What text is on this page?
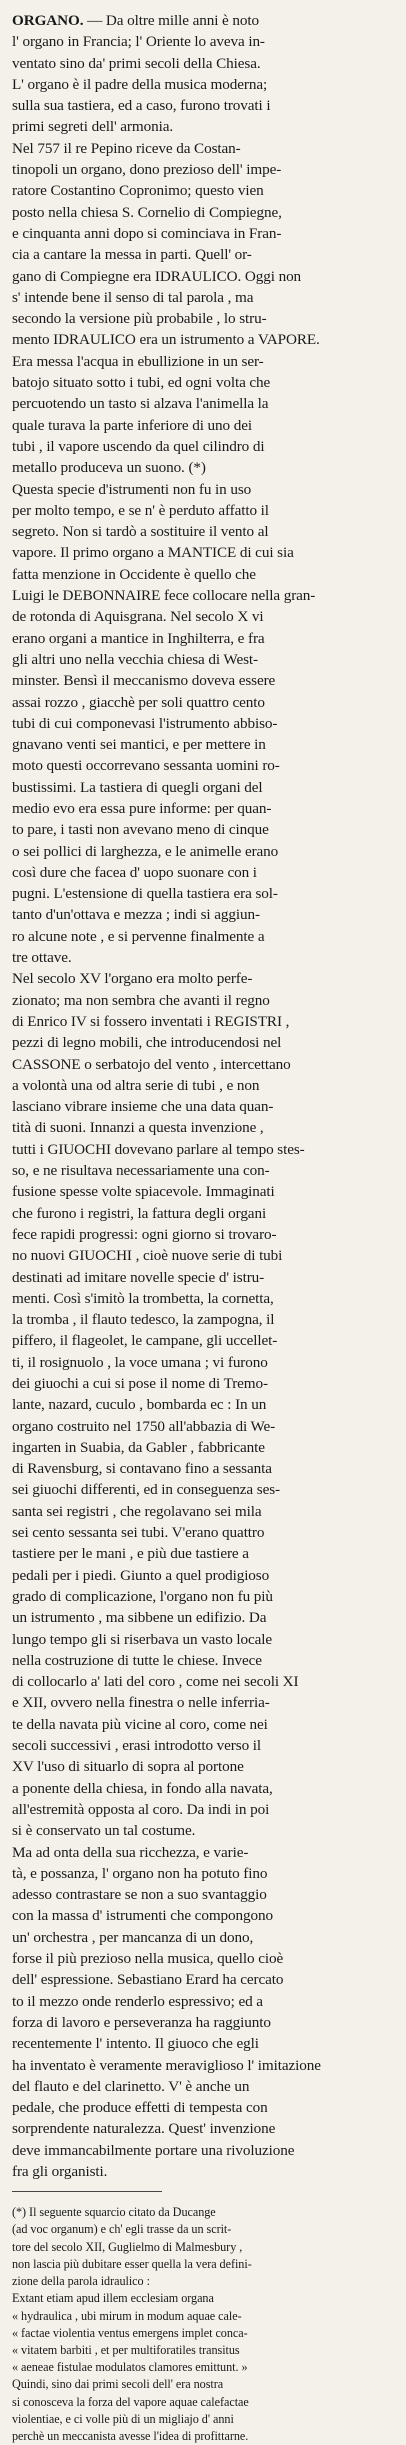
ORGANO. — Da oltre mille anni è noto
l' organo in Francia; l' Oriente lo aveva in-
ventato sino da' primi secoli della Chiesa.
L' organo è il padre della musica moderna;
sulla sua tastiera, ed a caso, furono trovati i
primi segreti dell' armonia.
Nel 757 il re Pepino riceve da Costan-
tinopoli un organo, dono prezioso dell' impe-
ratore Costantino Copronimo; questo vien
posto nella chiesa S. Cornelio di Compiegne,
e cinquanta anni dopo si cominciava in Fran-
cia a cantare la messa in parti. Quell' or-
gano di Compiegne era IDRAULICO. Oggi non
s' intende bene il senso di tal parola , ma
secondo la versione più probabile , lo stru-
mento IDRAULICO era un istrumento a VAPORE.
Era messa l'acqua in ebullizione in un ser-
batojo situato sotto i tubi, ed ogni volta che
percuotendo un tasto si alzava l'animella la
quale turava la parte inferiore di uno dei
tubi , il vapore uscendo da quel cilindro di
metallo produceva un suono. (*)
Questa specie d'istrumenti non fu in uso
per molto tempo, e se n' è perduto affatto il
segreto. Non si tardò a sostituire il vento al
vapore. Il primo organo a MANTICE di cui sia
fatta menzione in Occidente è quello che
Luigi le DEBONNAIRE fece collocare nella gran-
de rotonda di Aquisgrana. Nel secolo X vi
erano organi a mantice in Inghilterra, e fra
gli altri uno nella vecchia chiesa di West-
minster. Bensì il meccanismo doveva essere
assai rozzo , giacchè per soli quattro cento
tubi di cui componevasi l'istrumento abbiso-
gnavano venti sei mantici, e per mettere in
moto questi occorrevano sessanta uomini ro-
bustissimi. La tastiera di quegli organi del
medio evo era essa pure informe: per quan-
to pare, i tasti non avevano meno di cinque
o sei pollici di larghezza, e le animelle erano
così dure che facea d' uopo suonare con i
pugni. L'estensione di quella tastiera era sol-
tanto d'un'ottava e mezza ; indi si aggiun-
ro alcune note , e si pervenne finalmente a
tre ottave.
Nel secolo XV l'organo era molto perfe-
zionato; ma non sembra che avanti il regno
di Enrico IV si fossero inventati i REGISTRI ,
pezzi di legno mobili, che introducendosi nel
CASSONE o serbatojo del vento , intercettano
a volontà una od altra serie di tubi , e non
lasciano vibrare insieme che una data quan-
tità di suoni. Innanzi a questa invenzione ,
tutti i GIUOCHI dovevano parlare al tempo stes-
so, e ne risultava necessariamente una con-
fusione spesse volte spiacevole. Immaginati
che furono i registri, la fattura degli organi
fece rapidi progressi: ogni giorno si trovaro-
no nuovi GIUOCHI , cioè nuove serie di tubi
destinati ad imitare novelle specie d' istru-
menti. Così s'imitò la trombetta, la cornetta,
la tromba , il flauto tedesco, la zampogna, il
piffero, il flageolet, le campane, gli uccellet-
ti, il rosignuolo , la voce umana ; vi furono
dei giuochi a cui si pose il nome di Tremo-
lante, nazard, cuculo , bombarda ec : In un
organo costruito nel 1750 all'abbazia di We-
ingarten in Suabia, da Gabler , fabbricante
di Ravensburg, si contavano fino a sessanta
sei giuochi differenti, ed in conseguenza ses-
santa sei registri , che regolavano sei mila
sei cento sessanta sei tubi. V'erano quattro
tastiere per le mani , e più due tastiere a
pedali per i piedi. Giunto a quel prodigioso
grado di complicazione, l'organo non fu più
un istrumento , ma sibbene un edifizio. Da
lungo tempo gli si riserbava un vasto locale
nella costruzione di tutte le chiese. Invece
di collocarlo a' lati del coro , come nei secoli XI
e XII, ovvero nella finestra o nelle inferria-
te della navata più vicine al coro, come nei
secoli successivi , erasi introdotto verso il
XV l'uso di situarlo di sopra al portone
a ponente della chiesa, in fondo alla navata,
all'estremità opposta al coro. Da indi in poi
si è conservato un tal costume.
Ma ad onta della sua ricchezza, e varie-
tà, e possanza, l' organo non ha potuto fino
adesso contrastare se non a suo svantaggio
con la massa d' istrumenti che compongono
un' orchestra , per mancanza di un dono,
forse il più prezioso nella musica, quello cioè
dell' espressione. Sebastiano Erard ha cercato
to il mezzo onde renderlo espressivo; ed a
forza di lavoro e perseveranza ha raggiunto
recentemente l' intento. Il giuoco che egli
ha inventato è veramente meraviglioso l' imitazione
del flauto e del clarinetto. V' è anche un
pedale, che produce effetti di tempesta con
sorprendente naturalezza. Quest' invenzione
deve immancabilmente portare una rivoluzione
fra gli organisti.
(*) Il seguente squarcio citato da Ducange
(ad voc organum) e ch' egli trasse da un scrit-
tore del secolo XII, Guglielmo di Malmesbury ,
non lascia più dubitare esser quella la vera defini-
zione della parola idraulico :
Extant etiam apud illem ecclesiam organa
« hydraulica , ubi mirum in modum aquae cale-
« factae violentia ventus emergens implet conca-
« vitatem barbiti , et per multiforatiles transitus
« aeneae fistulae modulatos clamores emittunt. »
Quindi, sino dai primi secoli dell' era nostra
si conosceva la forza del vapore aquae calefactae
violentiae, e ci volle più di un migliajo d' anni
perchè un meccanista avesse l'idea di profittarne.
